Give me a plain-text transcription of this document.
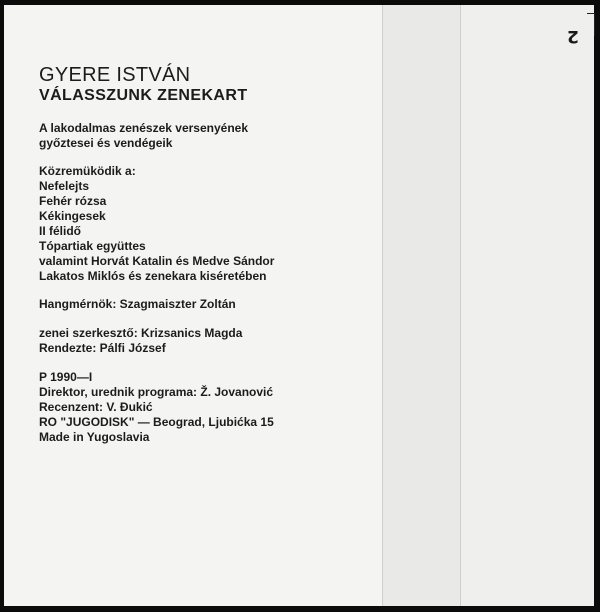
2

GYERE ISTVÁN

VÁLASSZUNK ZENEKART

A lakodalmas zenészek versenyének

győztesei és vendégeik

Közremüködik a:

Nefelejts

Fehér rózsa

Kékingesek

II félidő

Tópartiak együttes

valamint Horvát Katalin és Medve Sándor

Lakatos Miklós és zenekara kiséretében

Hangmérnök: Szagmaiszter Zoltán

zenei szerkesztő: Krizsanics Magda

Rendezte: Pálfi József

P 1990—I

Direktor, urednik programa: Ž. Jovanović

Recenzent: V. Đukić

RO "JUGODISK" — Beograd, Ljubićka 15

Made in Yugoslavia
